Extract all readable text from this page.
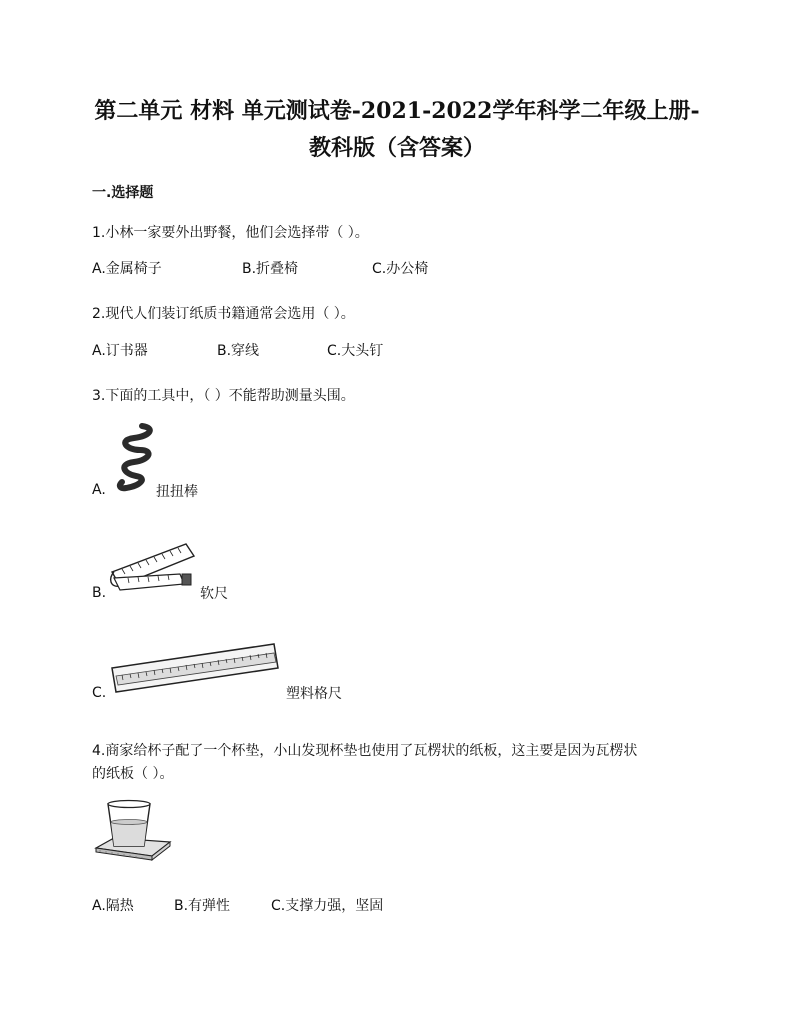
第二单元 材料 单元测试卷-2021-2022学年科学二年级上册-
教科版（含答案）
一.选择题
1.小林一家要外出野餐，他们会选择带（ ）。
A.金属椅子	B.折叠椅	C.办公椅
2.现代人们装订纸质书籍通常会选用（ ）。
A.订书器	B.穿线	C.大头钉
3.下面的工具中，（ ）不能帮助测量头围。
A.	扭扭棒
B.	软尺
C.	塑料格尺
4.商家给杯子配了一个杯垫，小山发现杯垫也使用了瓦楞状的纸板，这主要是因为瓦楞状
的纸板（ ）。
A.隔热	B.有弹性	C.支撑力强，坚固
